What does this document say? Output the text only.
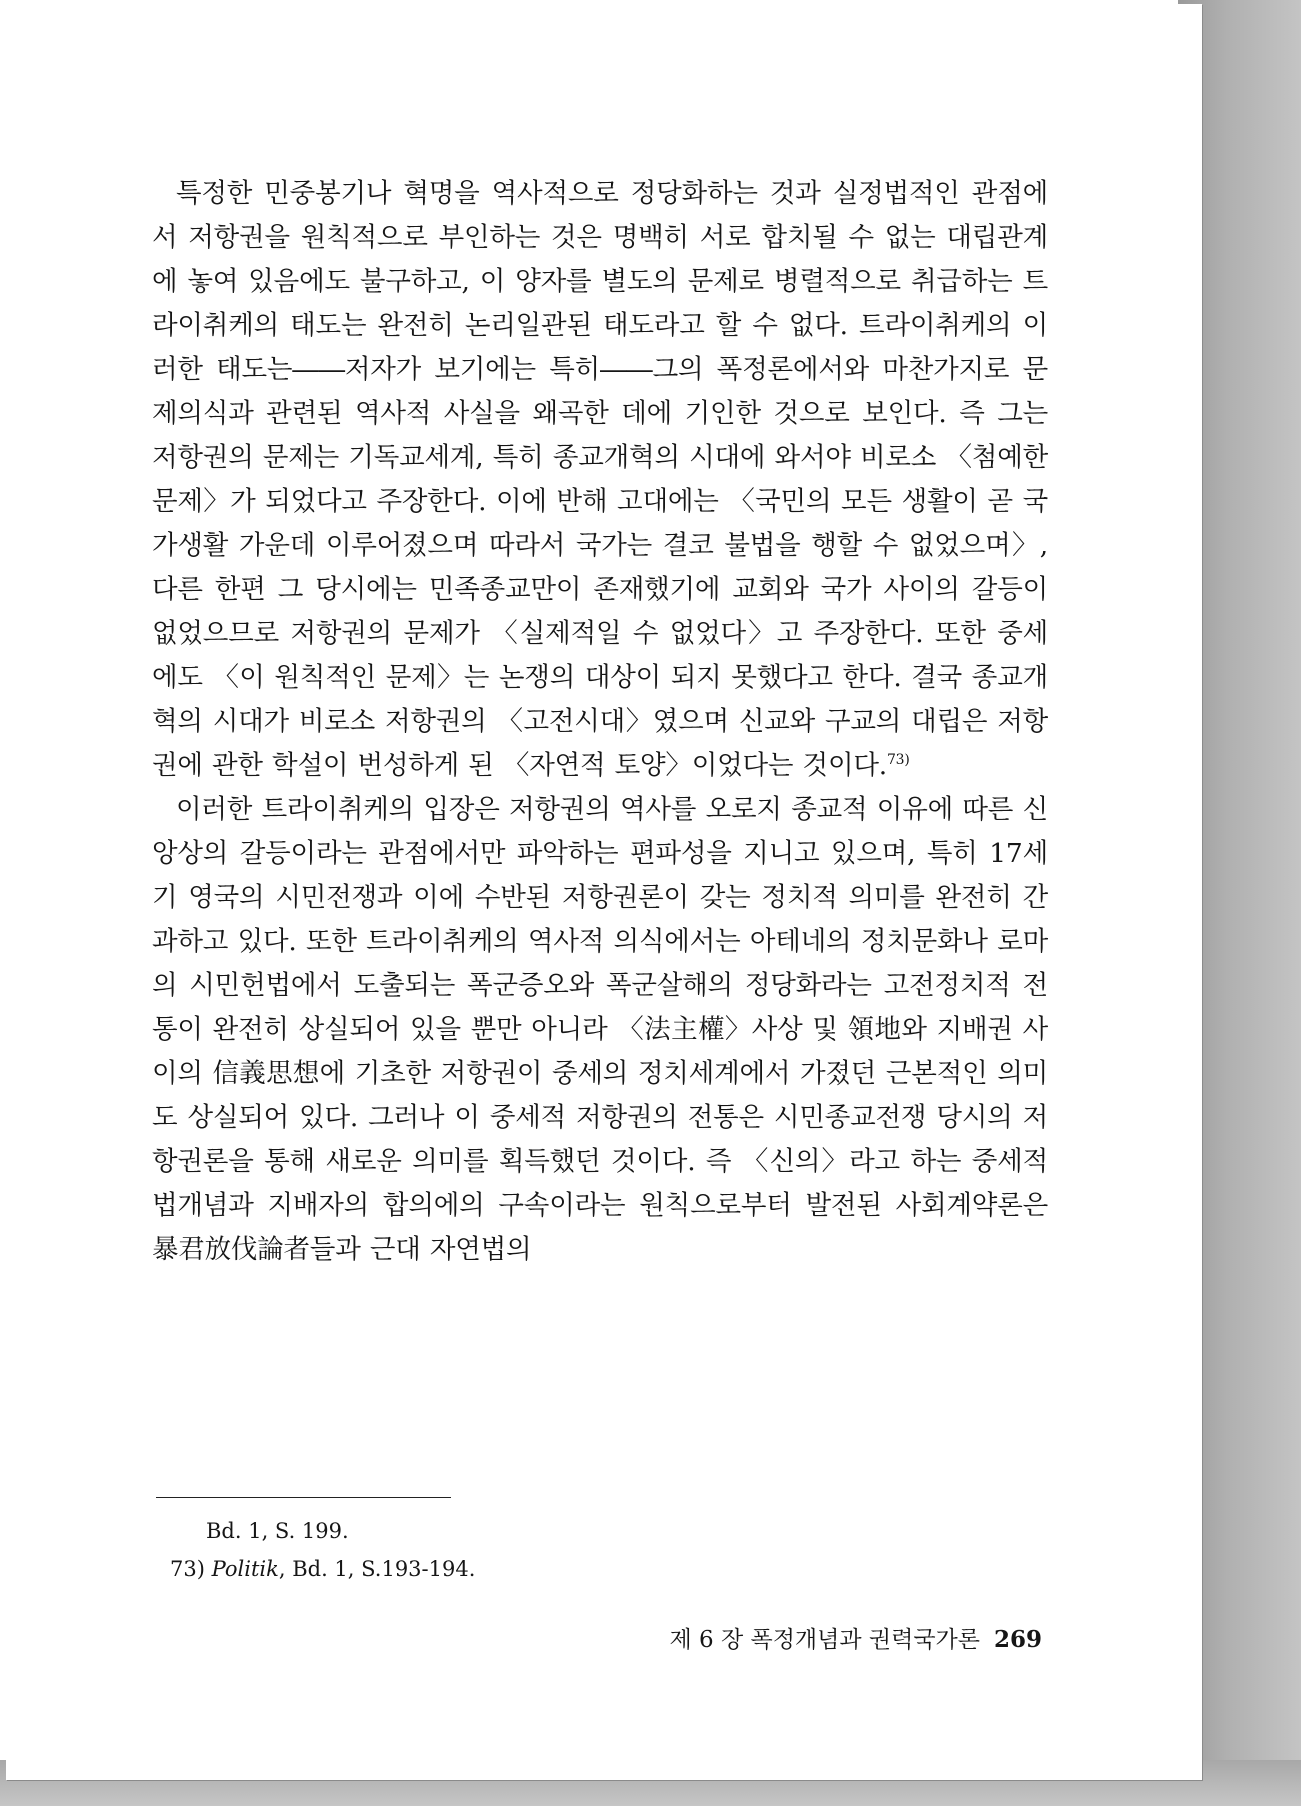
특정한 민중봉기나 혁명을 역사적으로 정당화하는 것과 실정법적인 관점에서 저항권을 원칙적으로 부인하는 것은 명백히 서로 합치될 수 없는 대립관계에 놓여 있음에도 불구하고, 이 양자를 별도의 문제로 병렬적으로 취급하는 트라이취케의 태도는 완전히 논리일관된 태도라고 할 수 없다. 트라이취케의 이러한 태도는――저자가 보기에는 특히――그의 폭정론에서와 마찬가지로 문제의식과 관련된 역사적 사실을 왜곡한 데에 기인한 것으로 보인다. 즉 그는 저항권의 문제는 기독교세계, 특히 종교개혁의 시대에 와서야 비로소 〈첨예한 문제〉가 되었다고 주장한다. 이에 반해 고대에는 〈국민의 모든 생활이 곧 국가생활 가운데 이루어졌으며 따라서 국가는 결코 불법을 행할 수 없었으며〉, 다른 한편 그 당시에는 민족종교만이 존재했기에 교회와 국가 사이의 갈등이 없었으므로 저항권의 문제가 〈실제적일 수 없었다〉고 주장한다. 또한 중세에도 〈이 원칙적인 문제〉는 논쟁의 대상이 되지 못했다고 한다. 결국 종교개혁의 시대가 비로소 저항권의 〈고전시대〉였으며 신교와 구교의 대립은 저항권에 관한 학설이 번성하게 된 〈자연적 토양〉이었다는 것이다.$^{73)}$

이러한 트라이취케의 입장은 저항권의 역사를 오로지 종교적 이유에 따른 신앙상의 갈등이라는 관점에서만 파악하는 편파성을 지니고 있으며, 특히 17세기 영국의 시민전쟁과 이에 수반된 저항권론이 갖는 정치적 의미를 완전히 간과하고 있다. 또한 트라이취케의 역사적 의식에서는 아테네의 정치문화나 로마의 시민헌법에서 도출되는 폭군증오와 폭군살해의 정당화라는 고전정치적 전통이 완전히 상실되어 있을 뿐만 아니라 〈法主權〉사상 및 領地와 지배권 사이의 信義思想에 기초한 저항권이 중세의 정치세계에서 가졌던 근본적인 의미도 상실되어 있다. 그러나 이 중세적 저항권의 전통은 시민종교전쟁 당시의 저항권론을 통해 새로운 의미를 획득했던 것이다. 즉 〈신의〉라고 하는 중세적 법개념과 지배자의 합의에의 구속이라는 원칙으로부터 발전된 사회계약론은 暴君放伐論者들과 근대 자연법의

Bd. 1, S. 199.

73) Politik, Bd. 1, S.193-194.

제 6 장 폭정개념과 권력국가론 269
